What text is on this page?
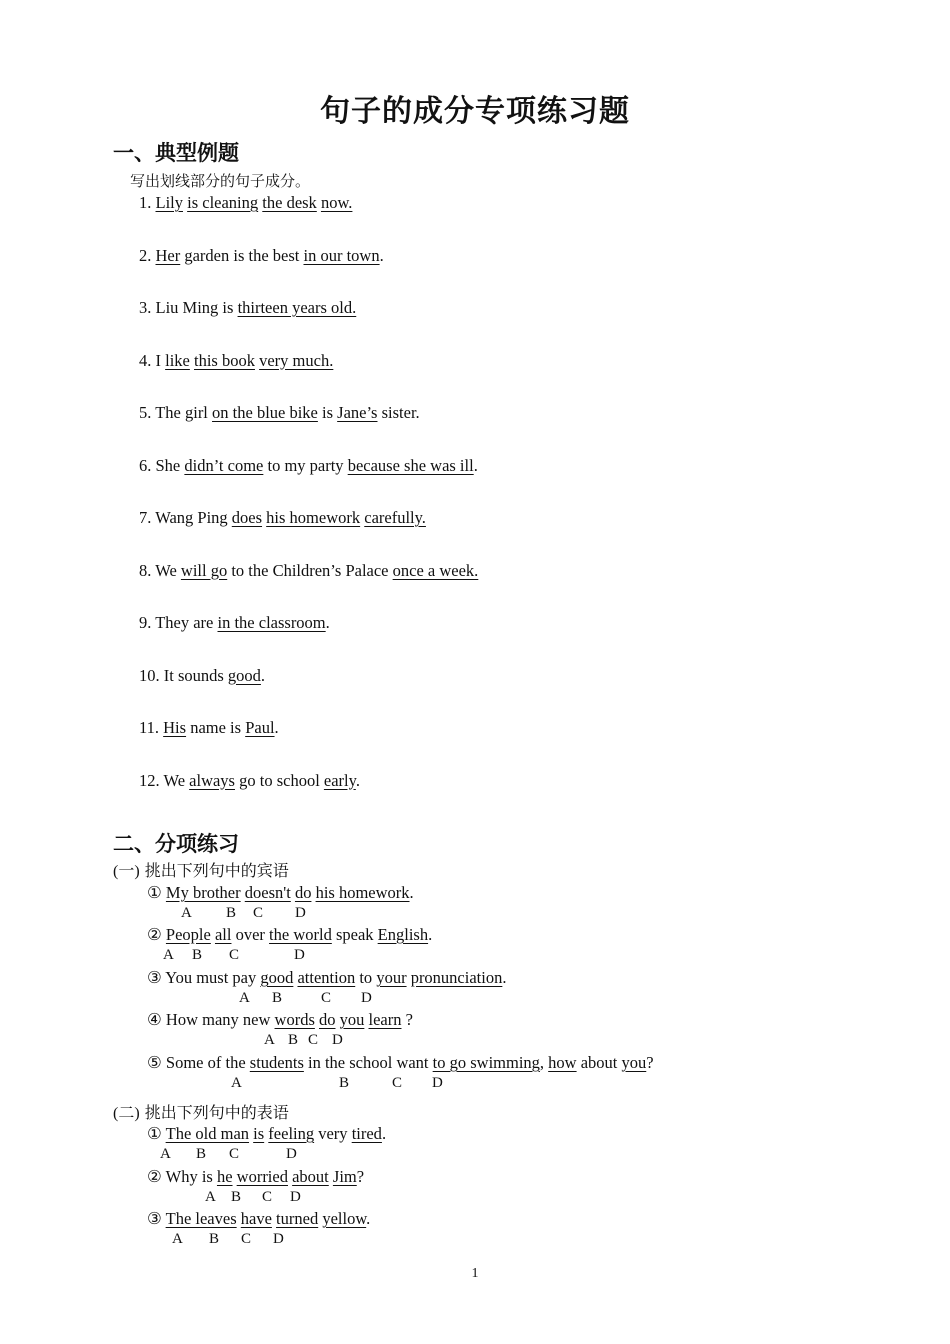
句子的成分专项练习题
一、典型例题
写出划线部分的句子成分。
1. Lily is cleaning the desk now.
2. Her garden is the best in our town.
3. Liu Ming is thirteen years old.
4. I like this book very much.
5. The girl on the blue bike is Jane’s sister.
6. She didn’t come to my party because she was ill.
7. Wang Ping does his homework carefully.
8. We will go to the Children’s Palace once a week.
9. They are in the classroom.
10. It sounds good.
11. His name is Paul.
12. We always go to school early.
二、分项练习
(一) 挑出下列句中的宾语
(二) 挑出下列句中的表语
① My brother doesn't do his homework.
A B C D
② People all over the world speak English.
A B C	D
③ You must pay good attention to your pronunciation.
A B	C D
④ How many new words do you learn ?
A B C D
⑤ Some of the students in the school want to go swimming, how about you?
A	B	C D
① The old man is feeling very tired.
A B C	D
② Why is he worried about Jim?
A B C D
③ The leaves have turned yellow.
A B C D
1
